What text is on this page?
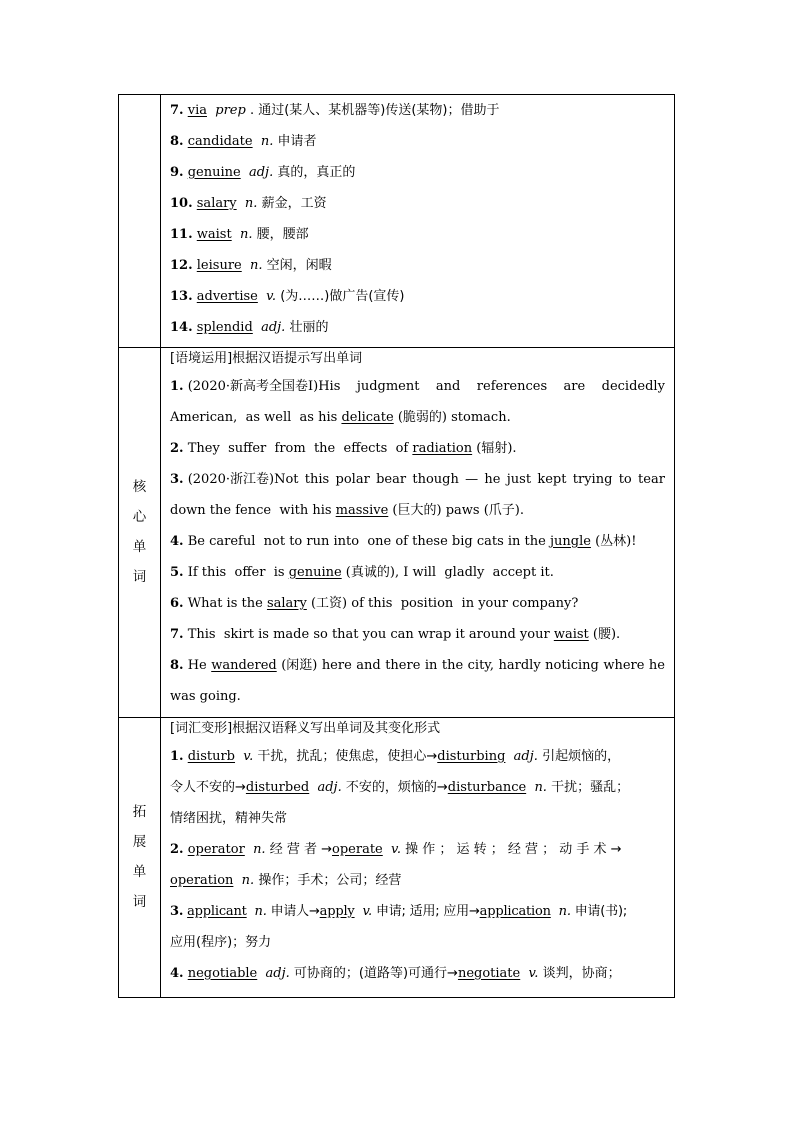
7. via prep . 通过(某人、某机器等)传送(某物)；借助于
8. candidate n. 申请者
9. genuine adj. 真的，真正的
10. salary n. 薪金，工资
11. waist n. 腰，腰部
12. leisure n. 空闲，闲暇
13. advertise v. (为……)做广告(宣传)
14. splendid adj. 壮丽的
核
心
单
词
[语境运用]根据汉语提示写出单词
1. (2020·新高考全国卷Ⅰ)His judgment and references are decidedly
American,  as well  as his delicate (脆弱的) stomach.
2. They  suffer  from  the  effects  of radiation (辐射).
3. (2020·浙江卷)Not this polar bear though — he just kept trying to tear
down the fence  with his massive (巨大的) paws (爪子).
4. Be careful  not to run into  one of these big cats in the jungle (丛林)!
5. If this  offer  is genuine (真诚的), I will  gladly  accept it.
6. What is the salary (工资) of this  position  in your company?
7. This  skirt is made so that you can wrap it around your waist (腰).
8. He wandered (闲逛) here and there in the city, hardly noticing where he
was going.
拓
展
单
词
[词汇变形]根据汉语释义写出单词及其变化形式
1. disturb v. 干扰，扰乱；使焦虑，使担心→disturbing adj. 引起烦恼的，
令人不安的→disturbed adj. 不安的，烦恼的→disturbance n. 干扰；骚乱；
情绪困扰，精神失常
2. operator n. 经 营 者 →operate v. 操 作 ； 运 转 ； 经 营 ； 动 手 术 →
operation n. 操作；手术；公司；经营
3. applicant n. 申请人→apply v. 申请; 适用; 应用→application n. 申请(书);
应用(程序)；努力
4. negotiable adj. 可协商的；(道路等)可通行→negotiate v. 谈判，协商；
